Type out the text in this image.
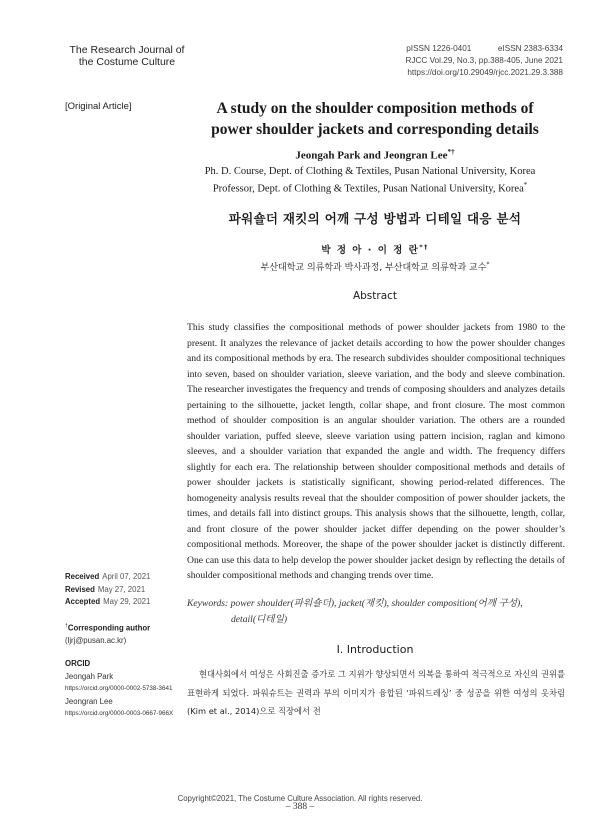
The Research Journal of
the Costume Culture
pISSN 1226-0401	eISSN 2383-6334
RJCC Vol.29, No.3, pp.388-405, June 2021
https://doi.org/10.29049/rjcc.2021.29.3.388
[Original Article]	A study on the shoulder composition methods of
power shoulder jackets and corresponding details
Jeongah Park and Jeongran Lee*†
Ph. D. Course, Dept. of Clothing & Textiles, Pusan National University, Korea
Professor, Dept. of Clothing & Textiles, Pusan National University, Korea*
파워숄더 재킷의 어깨 구성 방법과 디테일 대응 분석
박 정 아 · 이 정 란*†
부산대학교 의류학과 박사과정, 부산대학교 의류학과 교수*
Abstract
This study classifies the compositional methods of power shoulder jackets from 1980 to the present. It analyzes the relevance of jacket details according to how the power shoulder changes and its compositional methods by era. The research subdivides shoulder compositional techniques into seven, based on shoulder variation, sleeve variation, and the body and sleeve combination. The researcher investigates the frequency and trends of composing shoulders and analyzes details pertaining to the silhouette, jacket length, collar shape, and front closure. The most common method of shoulder composition is an angular shoulder variation. The others are a rounded shoulder variation, puffed sleeve, sleeve variation using pattern incision, raglan and kimono sleeves, and a shoulder variation that expanded the angle and width. The frequency differs slightly for each era. The relationship between shoulder compositional methods and details of power shoulder jackets is statistically significant, showing period-related differences. The homogeneity analysis results reveal that the shoulder composition of power shoulder jackets, the times, and details fall into distinct groups. This analysis shows that the silhouette, length, collar, and front closure of the power shoulder jacket differ depending on the power shoulder’s compositional methods. Moreover, the shape of the power shoulder jacket is distinctly different. One can use this data to help develop the power shoulder jacket design by reflecting the details of shoulder compositional methods and changing trends over time.
Keywords: power shoulder(파워숄더), jacket(재킷), shoulder composition(어깨 구성),
detail(디테일)
I. Introduction

현대사회에서 여성은 사회진출 증가로 그 지위가 향상되면서 의복을 통하여 적극적으로 자신의 권위를 표현하게 되었다. 파워슈트는 권력과 부의 이미지가 융합된 ‘파워드레싱’ 중 성공을 위한 여성의 옷차림(Kim et al., 2014)으로 직장에서 전

Received April 07, 2021
Revised May 27, 2021
Accepted May 29, 2021
†Corresponding author
(ljrj@pusan.ac.kr)
ORCID
Jeongah Park
https://orcid.org/0000-0002-5738-3641
Jeongran Lee
https://orcid.org/0000-0003-0667-966X
Copyright©2021, The Costume Culture Association. All rights reserved.
– 388 –
